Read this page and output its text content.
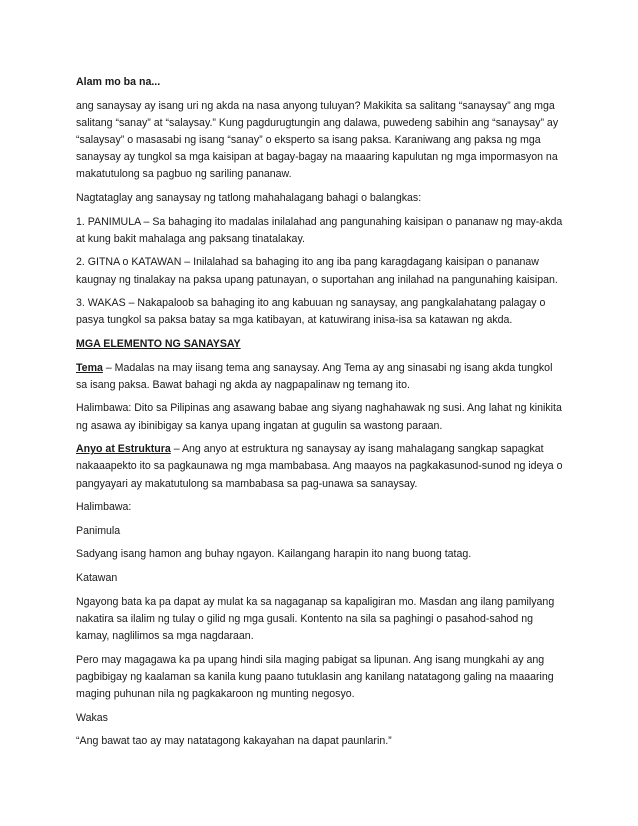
Alam mo ba na...

ang sanaysay ay isang uri ng akda na nasa anyong tuluyan? Makikita sa salitang “sanaysay” ang mga salitang “sanay” at “salaysay.” Kung pagdurugtungin ang dalawa, puwedeng sabihin ang “sanaysay” ay “salaysay” o masasabi ng isang “sanay” o eksperto sa isang paksa. Karaniwang ang paksa ng mga sanaysay ay tungkol sa mga kaisipan at bagay-bagay na maaaring kapulutan ng mga impormasyon na makatutulong sa pagbuo ng sariling pananaw.

Nagtataglay ang sanaysay ng tatlong mahahalagang bahagi o balangkas:

1. PANIMULA – Sa bahaging ito madalas inilalahad ang pangunahing kaisipan o pananaw ng may-akda at kung bakit mahalaga ang paksang tinatalakay.

2. GITNA o KATAWAN – Inilalahad sa bahaging ito ang iba pang karagdagang kaisipan o pananaw kaugnay ng tinalakay na paksa upang patunayan, o suportahan ang inilahad na pangunahing kaisipan.

3. WAKAS – Nakapaloob sa bahaging ito ang kabuuan ng sanaysay, ang pangkalahatang palagay o pasya tungkol sa paksa batay sa mga katibayan, at katuwirang inisa-isa sa katawan ng akda.

MGA ELEMENTO NG SANAYSAY

Tema – Madalas na may iisang tema ang sanaysay. Ang Tema ay ang sinasabi ng isang akda tungkol sa isang paksa. Bawat bahagi ng akda ay nagpapalinaw ng temang ito.

Halimbawa: Dito sa Pilipinas ang asawang babae ang siyang naghahawak ng susi. Ang lahat ng kinikita ng asawa ay ibinibigay sa kanya upang ingatan at gugulin sa wastong paraan.

Anyo at Estruktura – Ang anyo at estruktura ng sanaysay ay isang mahalagang sangkap sapagkat nakaaapekto ito sa pagkaunawa ng mga mambabasa. Ang maayos na pagkakasunod-sunod ng ideya o pangyayari ay makatutulong sa mambabasa sa pag-unawa sa sanaysay.

Halimbawa:

Panimula

Sadyang isang hamon ang buhay ngayon. Kailangang harapin ito nang buong tatag.

Katawan

Ngayong bata ka pa dapat ay mulat ka sa nagaganap sa kapaligiran mo. Masdan ang ilang pamilyang nakatira sa ilalim ng tulay o gilid ng mga gusali. Kontento na sila sa paghingi o pasahod-sahod ng kamay, naglilimos sa mga nagdaraan.

Pero may magagawa ka pa upang hindi sila maging pabigat sa lipunan. Ang isang mungkahi ay ang pagbibigay ng kaalaman sa kanila kung paano tutuklasin ang kanilang natatagong galing na maaaring maging puhunan nila ng pagkakaroon ng munting negosyo.

Wakas

“Ang bawat tao ay may natatagong kakayahan na dapat paunlarin.”
